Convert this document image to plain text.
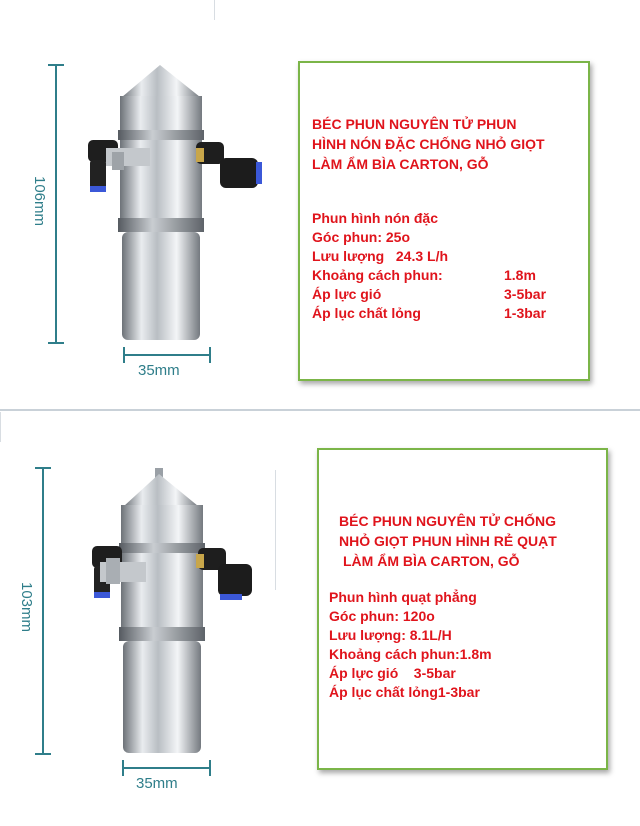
106mm
35mm
BÉC PHUN NGUYÊN TỬ PHUN
HÌNH NÓN ĐẶC CHỐNG NHỎ GIỌT
LÀM ẨM BÌA CARTON, GỖ
Phun hình nón đặc
Góc phun: 25o
Lưu lượng   24.3 L/h
Khoảng cách phun:	1.8m
Áp lực gió	3-5bar
Áp lục chất lỏng	1-3bar
103mm
35mm
BÉC PHUN NGUYÊN TỬ CHỐNG
NHỎ GIỌT PHUN HÌNH RẺ QUẠT
LÀM ẨM BÌA CARTON, GỖ
Phun hình quạt phẳng
Góc phun: 120o
Lưu lượng: 8.1L/H
Khoảng cách phun:1.8m
Áp lực gió    3-5bar
Áp lục chất lỏng1-3bar
